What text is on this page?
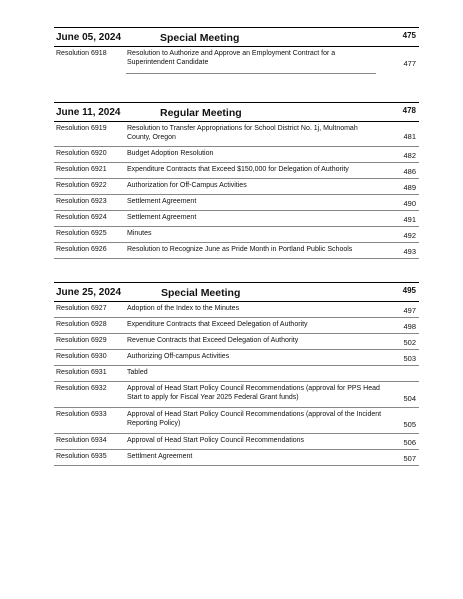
June 05, 2024	Special Meeting	475
Resolution 6918	Resolution to Authorize and Approve an Employment Contract for a Superintendent Candidate	477
June 11, 2024	Regular Meeting	478
Resolution 6919	Resolution to Transfer Appropriations for School District No. 1j, Multnomah County, Oregon	481
Resolution 6920	Budget Adoption Resolution	482
Resolution 6921	Expenditure Contracts that Exceed $150,000 for Delegation of Authority	486
Resolution 6922	Authorization for Off-Campus Activities	489
Resolution 6923	Settlement Agreement	490
Resolution 6924	Settlement Agreement	491
Resolution 6925	Minutes	492
Resolution 6926	Resolution to Recognize June as Pride Month in Portland Public Schools	493
June 25, 2024	Special Meeting	495
Resolution 6927	Adoption of the Index to the Minutes	497
Resolution 6928	Expenditure Contracts that Exceed Delegation of Authority	498
Resolution 6929	Revenue Contracts that Exceed Delegation of Authority	502
Resolution 6930	Authorizing Off-campus Activities	503
Resolution 6931	Tabled
Resolution 6932	Approval of Head Start Policy Council Recommendations (approval for PPS Head Start to apply for Fiscal Year 2025 Federal Grant funds)	504
Resolution 6933	Approval of Head Start Policy Council Recommendations (approval of the Incident Reporting Policy)	505
Resolution 6934	Approval of Head Start Policy Council Recommendations	506
Resolution 6935	Settlment Agreement	507
